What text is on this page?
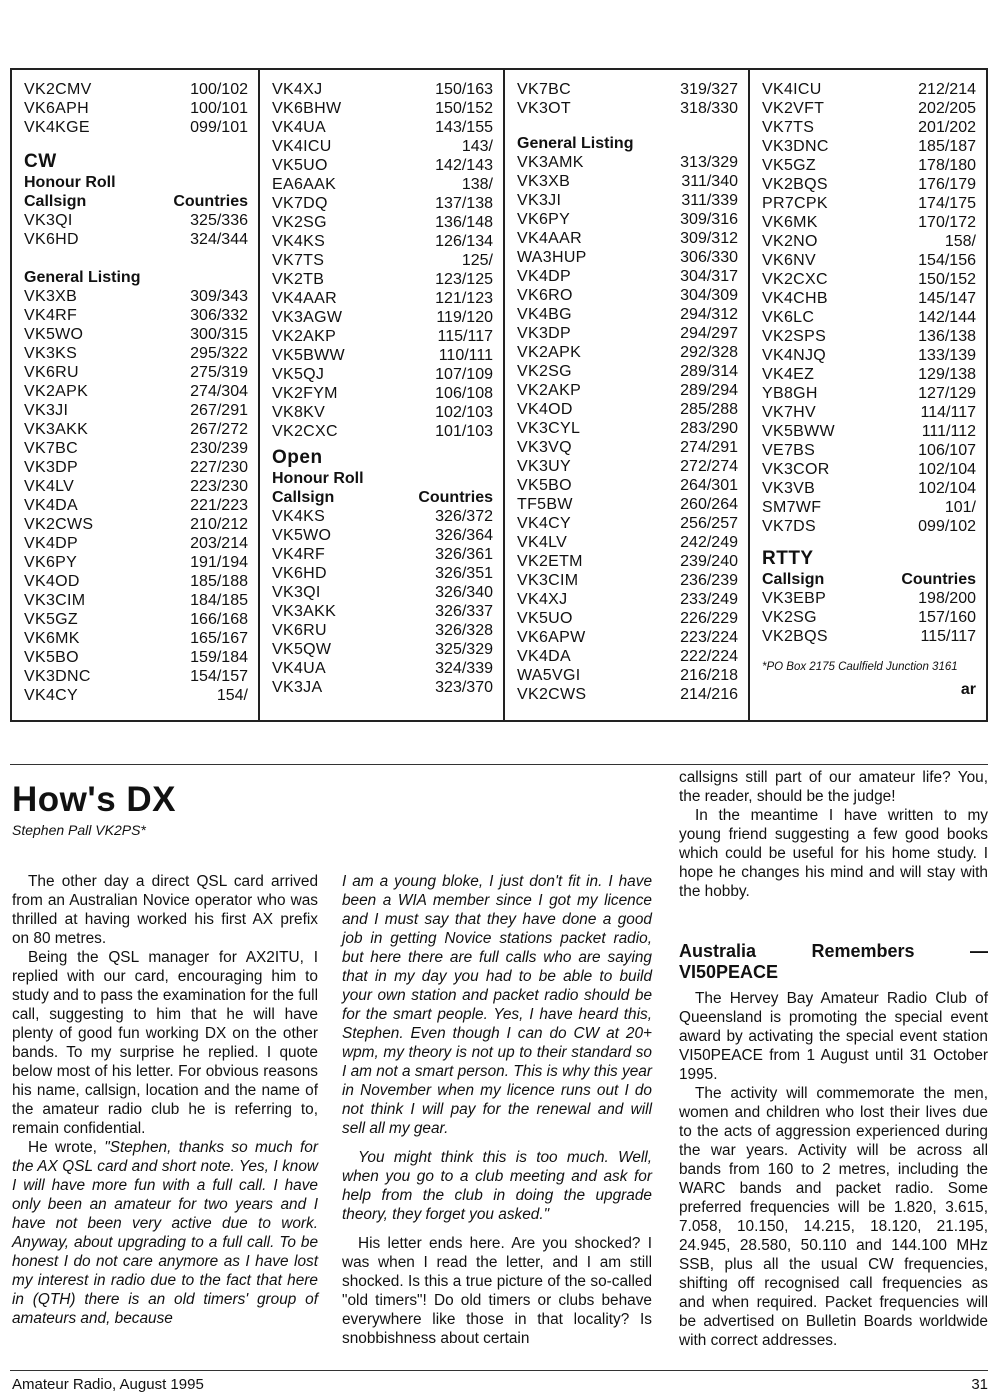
VK2CMV	100/102
VK6APH	100/101
VK4KGE	099/101
CW
Honour Roll
Callsign	Countries
VK3QI	325/336
VK6HD	324/344
General Listing
VK3XB	309/343
VK4RF	306/332
VK5WO	300/315
VK3KS	295/322
VK6RU	275/319
VK2APK	274/304
VK3JI	267/291
VK3AKK	267/272
VK7BC	230/239
VK3DP	227/230
VK4LV	223/230
VK4DA	221/223
VK2CWS	210/212
VK4DP	203/214
VK6PY	191/194
VK4OD	185/188
VK3CIM	184/185
VK5GZ	166/168
VK6MK	165/167
VK5BO	159/184
VK3DNC	154/157
VK4CY	154/
VK4XJ	150/163
VK6BHW	150/152
VK4UA	143/155
VK4ICU	143/
VK5UO	142/143
EA6AAK	138/
VK7DQ	137/138
VK2SG	136/148
VK4KS	126/134
VK7TS	125/
VK2TB	123/125
VK4AAR	121/123
VK3AGW	119/120
VK2AKP	115/117
VK5BWW	110/111
VK5QJ	107/109
VK2FYM	106/108
VK8KV	102/103
VK2CXC	101/103
Open
Honour Roll
Callsign	Countries
VK4KS	326/372
VK5WO	326/364
VK4RF	326/361
VK6HD	326/351
VK3QI	326/340
VK3AKK	326/337
VK6RU	326/328
VK5QW	325/329
VK4UA	324/339
VK3JA	323/370
VK7BC	319/327
VK3OT	318/330
General Listing
VK3AMK	313/329
VK3XB	311/340
VK3JI	311/339
VK6PY	309/316
VK4AAR	309/312
WA3HUP	306/330
VK4DP	304/317
VK6RO	304/309
VK4BG	294/312
VK3DP	294/297
VK2APK	292/328
VK2SG	289/314
VK2AKP	289/294
VK4OD	285/288
VK3CYL	283/290
VK3VQ	274/291
VK3UY	272/274
VK5BO	264/301
TF5BW	260/264
VK4CY	256/257
VK4LV	242/249
VK2ETM	239/240
VK3CIM	236/239
VK4XJ	233/249
VK5UO	226/229
VK6APW	223/224
VK4DA	222/224
WA5VGI	216/218
VK2CWS	214/216
VK4ICU	212/214
VK2VFT	202/205
VK7TS	201/202
VK3DNC	185/187
VK5GZ	178/180
VK2BQS	176/179
PR7CPK	174/175
VK6MK	170/172
VK2NO	158/
VK6NV	154/156
VK2CXC	150/152
VK4CHB	145/147
VK6LC	142/144
VK2SPS	136/138
VK4NJQ	133/139
VK4EZ	129/138
YB8GH	127/129
VK7HV	114/117
VK5BWW	111/112
VE7BS	106/107
VK3COR	102/104
VK3VB	102/104
SM7WF	101/
VK7DS	099/102
RTTY
Callsign	Countries
VK3EBP	198/200
VK2SG	157/160
VK2BQS	115/117
*PO Box 2175 Caulfield Junction 3161
ar
How's DX
Stephen Pall VK2PS*

The other day a direct QSL card arrived from an Australian Novice operator who was thrilled at having worked his first AX prefix on 80 metres.

Being the QSL manager for AX2ITU, I replied with our card, encouraging him to study and to pass the examination for the full call, suggesting to him that he will have plenty of good fun working DX on the other bands. To my surprise he replied. I quote below most of his letter. For obvious reasons his name, callsign, location and the name of the amateur radio club he is referring to, remain confidential.

He wrote, "Stephen, thanks so much for the AX QSL card and short note. Yes, I know I will have more fun with a full call. I have only been an amateur for two years and I have not been very active due to work. Anyway, about upgrading to a full call. To be honest I do not care anymore as I have lost my interest in radio due to the fact that here in (QTH) there is an old timers' group of amateurs and, because

I am a young bloke, I just don't fit in. I have been a WIA member since I got my licence and I must say that they have done a good job in getting Novice stations packet radio, but here there are full calls who are saying that in my day you had to be able to build your own station and packet radio should be for the smart people. Yes, I have heard this, Stephen. Even though I can do CW at 20+ wpm, my theory is not up to their standard so I am not a smart person. This is why this year in November when my licence runs out I do not think I will pay for the renewal and will sell all my gear.

You might think this is too much. Well, when you go to a club meeting and ask for help from the club in doing the upgrade theory, they forget you asked."

His letter ends here. Are you shocked? I was when I read the letter, and I am still shocked. Is this a true picture of the so-called "old timers"! Do old timers or clubs behave everywhere like those in that locality? Is snobbishness about certain

callsigns still part of our amateur life? You, the reader, should be the judge!

In the meantime I have written to my young friend suggesting a few good books which could be useful for his home study. I hope he changes his mind and will stay with the hobby.

Australia Remembers — VI50PEACE

The Hervey Bay Amateur Radio Club of Queensland is promoting the special event award by activating the special event station VI50PEACE from 1 August until 31 October 1995.

The activity will commemorate the men, women and children who lost their lives due to the acts of aggression experienced during the war years. Activity will be across all bands from 160 to 2 metres, including the WARC bands and packet radio. Some preferred frequencies will be 1.820, 3.615, 7.058, 10.150, 14.215, 18.120, 21.195, 24.945, 28.580, 50.110 and 144.100 MHz SSB, plus all the usual CW frequencies, shifting off recognised call frequencies as and when required. Packet frequencies will be advertised on Bulletin Boards worldwide with correct addresses.

Amateur Radio, August 1995	31
